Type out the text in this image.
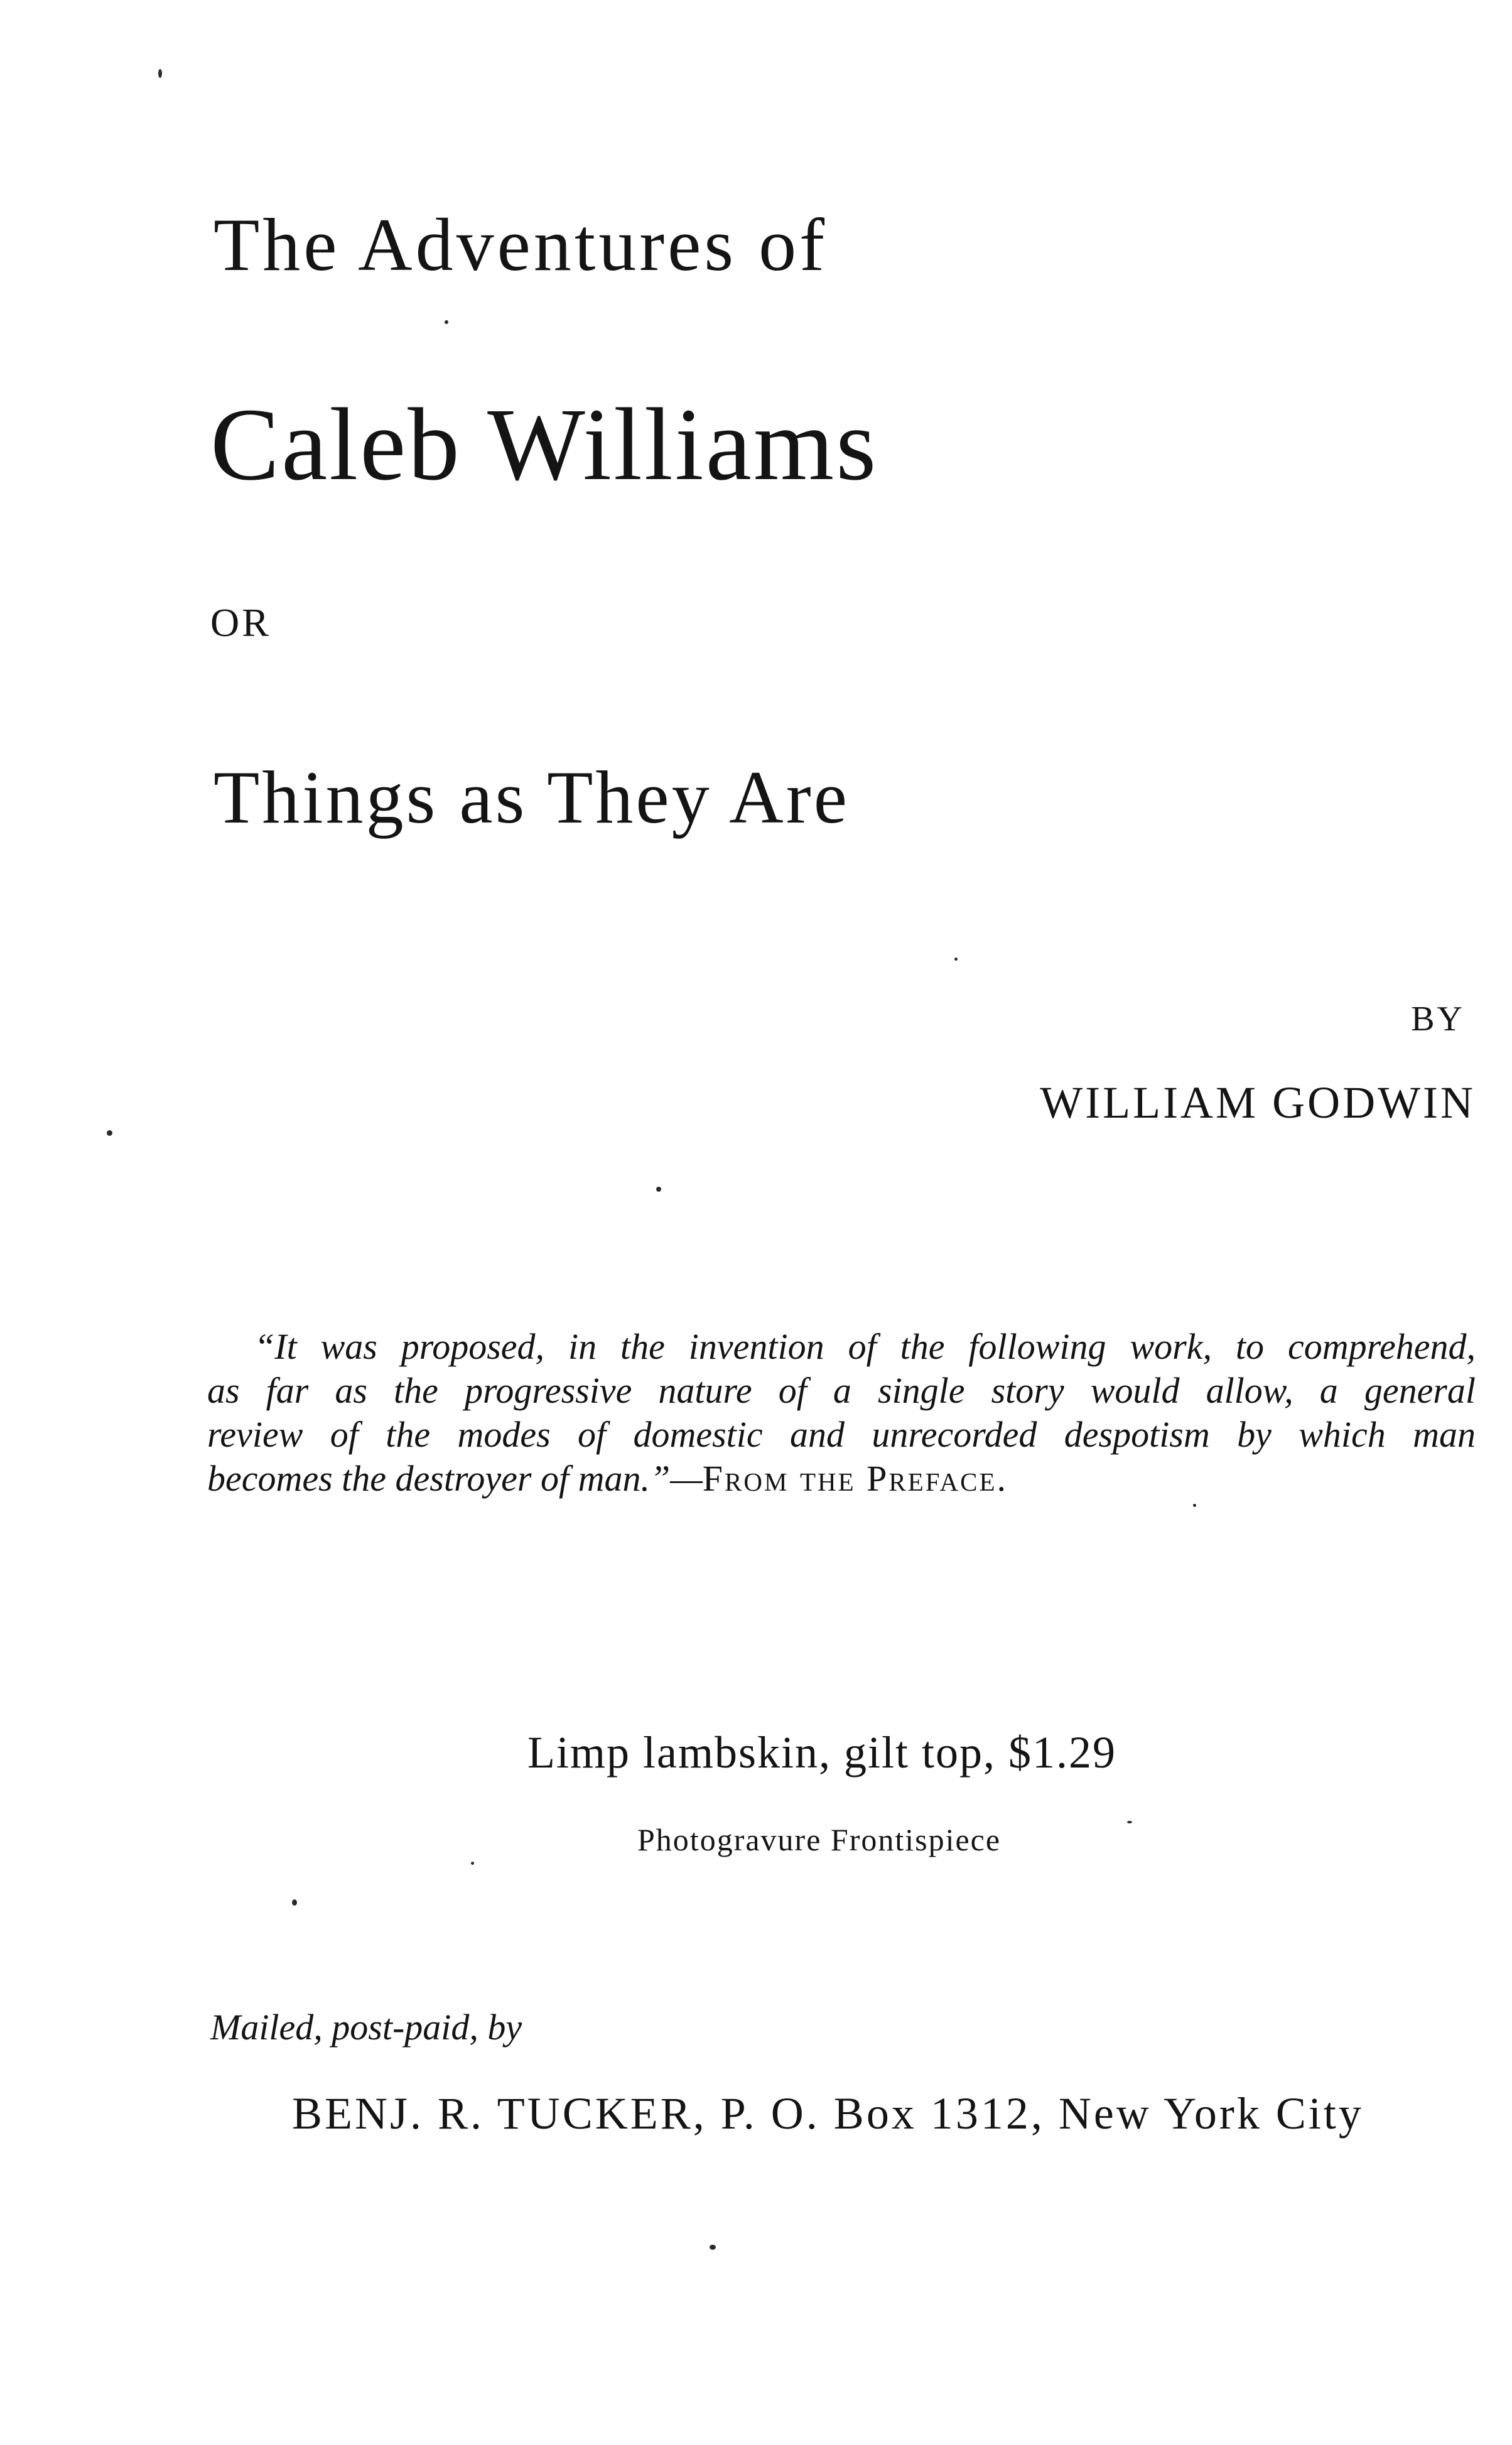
The Adventures of
Caleb Williams
OR
Things as They Are
BY
WILLIAM GODWIN
“It was proposed, in the invention of the following work, to comprehend,
as far as the progressive nature of a single story would allow, a general
review of the modes of domestic and unrecorded despotism by which man
becomes the destroyer of man.”—From the Preface.
Limp lambskin, gilt top, $1.29
Photogravure Frontispiece
Mailed, post-paid, by
BENJ. R. TUCKER, P. O. Box 1312, New York City
